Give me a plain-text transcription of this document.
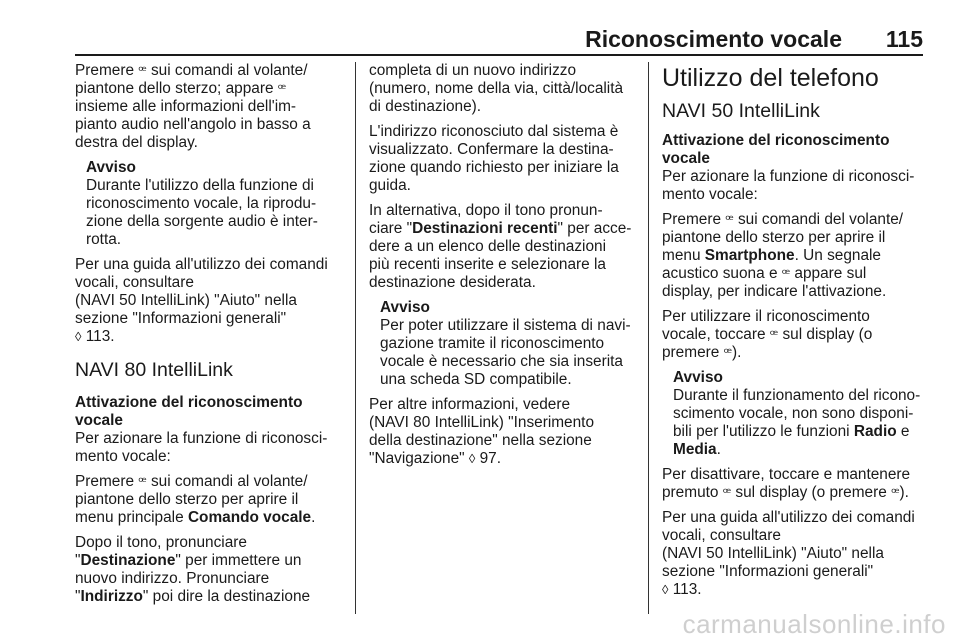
Riconoscimento vocale 115
Premere ꟹ sui comandi al volante/
piantone dello sterzo; appare ꟹ
insieme alle informazioni dell'im-
pianto audio nell'angolo in basso a
destra del display.
Avviso
Durante l'utilizzo della funzione di
riconoscimento vocale, la riprodu-
zione della sorgente audio è inter-
rotta.
Per una guida all'utilizzo dei comandi
vocali, consultare
(NAVI 50 IntelliLink) "Aiuto" nella
sezione "Informazioni generali"
◊ 113.
NAVI 80 IntelliLink
Attivazione del riconoscimento
vocale
Per azionare la funzione di riconosci-
mento vocale:
Premere ꟹ sui comandi al volante/
piantone dello sterzo per aprire il
menu principale Comando vocale.
Dopo il tono, pronunciare
"Destinazione" per immettere un
nuovo indirizzo. Pronunciare
"Indirizzo" poi dire la destinazione
completa di un nuovo indirizzo
(numero, nome della via, città/località
di destinazione).
L'indirizzo riconosciuto dal sistema è
visualizzato. Confermare la destina-
zione quando richiesto per iniziare la
guida.
In alternativa, dopo il tono pronun-
ciare "Destinazioni recenti" per acce-
dere a un elenco delle destinazioni
più recenti inserite e selezionare la
destinazione desiderata.
Avviso
Per poter utilizzare il sistema di navi-
gazione tramite il riconoscimento
vocale è necessario che sia inserita
una scheda SD compatibile.
Per altre informazioni, vedere
(NAVI 80 IntelliLink) "Inserimento
della destinazione" nella sezione
"Navigazione" ◊ 97.
Utilizzo del telefono
NAVI 50 IntelliLink
Attivazione del riconoscimento
vocale
Per azionare la funzione di riconosci-
mento vocale:
Premere ꟹ sui comandi del volante/
piantone dello sterzo per aprire il
menu Smartphone. Un segnale
acustico suona e ꟹ appare sul
display, per indicare l'attivazione.
Per utilizzare il riconoscimento
vocale, toccare ꟹ sul display (o
premere ꟹ).
Avviso
Durante il funzionamento del ricono-
scimento vocale, non sono disponi-
bili per l'utilizzo le funzioni Radio e
Media.
Per disattivare, toccare e mantenere
premuto ꟹ sul display (o premere ꟹ).
Per una guida all'utilizzo dei comandi
vocali, consultare
(NAVI 50 IntelliLink) "Aiuto" nella
sezione "Informazioni generali"
◊ 113.
carmanualsonline.info
